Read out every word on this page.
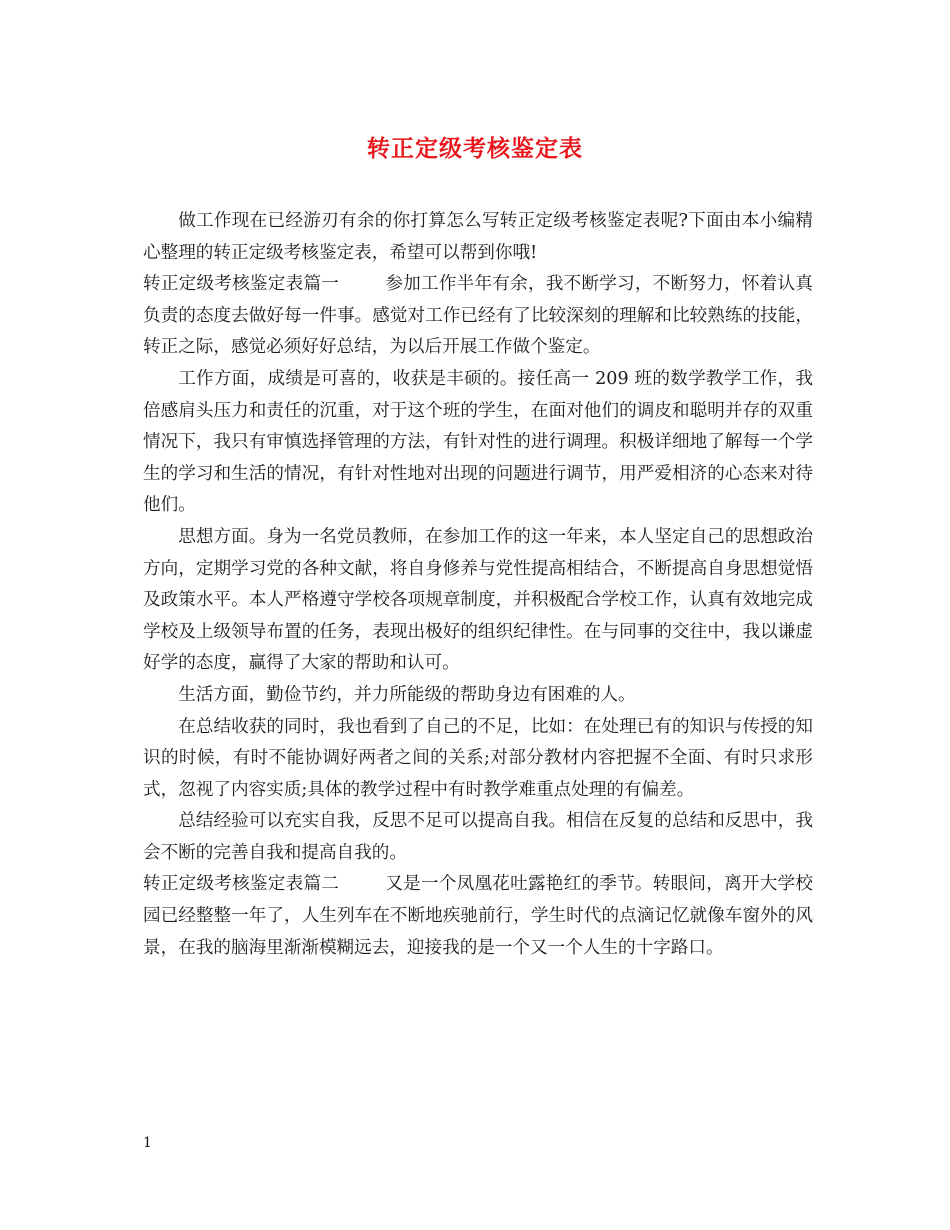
转正定级考核鉴定表

做工作现在已经游刃有余的你打算怎么写转正定级考核鉴定表呢?下面由本小编精心整理的转正定级考核鉴定表，希望可以帮到你哦!

转正定级考核鉴定表篇一	参加工作半年有余，我不断学习，不断努力，怀着认真负责的态度去做好每一件事。感觉对工作已经有了比较深刻的理解和比较熟练的技能，转正之际，感觉必须好好总结，为以后开展工作做个鉴定。

工作方面，成绩是可喜的，收获是丰硕的。接任高一 209 班的数学教学工作，我倍感肩头压力和责任的沉重，对于这个班的学生，在面对他们的调皮和聪明并存的双重情况下，我只有审慎选择管理的方法，有针对性的进行调理。积极详细地了解每一个学生的学习和生活的情况，有针对性地对出现的问题进行调节，用严爱相济的心态来对待他们。

思想方面。身为一名党员教师，在参加工作的这一年来，本人坚定自己的思想政治方向，定期学习党的各种文献，将自身修养与党性提高相结合，不断提高自身思想觉悟及政策水平。本人严格遵守学校各项规章制度，并积极配合学校工作，认真有效地完成学校及上级领导布置的任务，表现出极好的组织纪律性。在与同事的交往中，我以谦虚好学的态度，赢得了大家的帮助和认可。

生活方面，勤俭节约，并力所能级的帮助身边有困难的人。

在总结收获的同时，我也看到了自己的不足，比如：在处理已有的知识与传授的知识的时候，有时不能协调好两者之间的关系;对部分教材内容把握不全面、有时只求形式，忽视了内容实质;具体的教学过程中有时教学难重点处理的有偏差。

总结经验可以充实自我，反思不足可以提高自我。相信在反复的总结和反思中，我会不断的完善自我和提高自我的。

转正定级考核鉴定表篇二	又是一个凤凰花吐露艳红的季节。转眼间，离开大学校园已经整整一年了，人生列车在不断地疾驰前行，学生时代的点滴记忆就像车窗外的风景，在我的脑海里渐渐模糊远去，迎接我的是一个又一个人生的十字路口。

1
